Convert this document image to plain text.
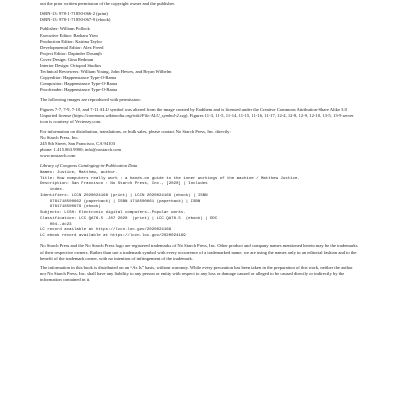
out the prior written permission of the copyright owner and the publisher.

ISBN-13: 978-1-71850-066-2 (print)
ISBN-13: 978-1-71850-067-9 (ebook)
Publisher: William Pollock
Executive Editor: Barbara Yien
Production Editor: Katrina Taylor
Developmental Editor: Alex Freed
Project Editor: Dapinder Dosanjh
Cover Design: Gina Redman
Interior Design: Octopod Studios
Technical Reviewers: William Young, John Hewes, and Bryan Wilhelm
Copyeditor: Happenstance Type-O-Rama
Compositor: Happenstance Type-O-Rama
Proofreader: Happenstance Type-O-Rama

The following images are reproduced with permission:

Figures 7-7, 7-9, 7-10, and 7-11 ALU symbol was altered from the image created by Eadthem and is licensed under the Creative Commons Attribution-Share Alike 3.0 Unported license (https://commons.wikimedia.org/wiki/File:ALU_symbol-2.svg). Figures 11-3, 11-5, 11-14, 11-15, 11-16, 11-17, 12-4, 12-8, 12-9, 12-10, 13-5, 13-9 server icon is courtesy of Vecteezy.com.

For information on distribution, translations, or bulk sales, please contact No Starch Press, Inc. directly:
No Starch Press, Inc.
245 8th Street, San Francisco, CA 94103
phone: 1.415.863.9900; info@nostarch.com
www.nostarch.com
Library of Congress Cataloging-in-Publication Data
Names: Justice, Matthew, author.
Title: How computers really work : a hands-on guide to the inner workings of the machine / Matthew Justice.
Description: San Francisco : No Starch Press, Inc., [2020] | Includes
index.
Identifiers: LCCN 2020024168 (print) | LCCN 2020024169 (ebook) | ISBN
9781718500662 (paperback) | ISBN 1718500661 (paperback) | ISBN
9781718500679 (ebook)
Subjects: LCSH: Electronic digital computers--Popular works.
Classification: LCC QA76.5 .J87 2020  (print) | LCC QA76.5  (ebook) | DDC
004--dc23
LC record available at https://lccn.loc.gov/2020024168
LC ebook record available at https://lccn.loc.gov/2020024169

No Starch Press and the No Starch Press logo are registered trademarks of No Starch Press, Inc. Other product and company names mentioned herein may be the trademarks of their respective owners. Rather than use a trademark symbol with every occurrence of a trademarked name, we are using the names only in an editorial fashion and to the benefit of the trademark owner, with no intention of infringement of the trademark.

The information in this book is distributed on an “As Is” basis, without warranty. While every precaution has been taken in the preparation of this work, neither the author nor No Starch Press, Inc. shall have any liability to any person or entity with respect to any loss or damage caused or alleged to be caused directly or indirectly by the information contained in it.
